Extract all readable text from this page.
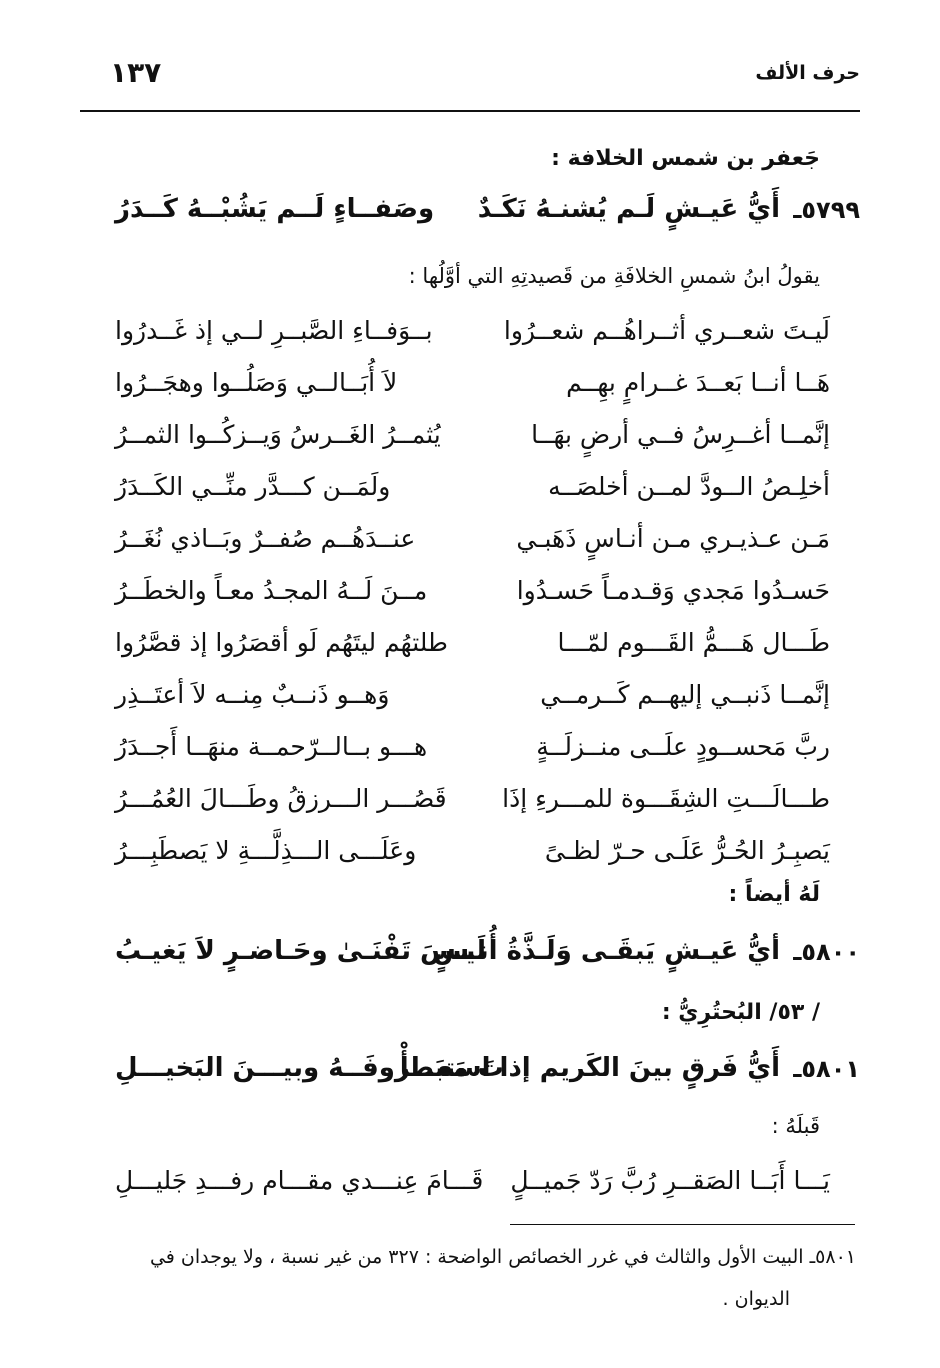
حرف الألف
١٣٧
جَعفر بن شمس الخلافة :
٥٧٩٩ـ
أَيُّ عَيـشٍ لَـم يُشنـهُ نَكَـدٌ
وصَفــاءٍ لَــم يَشُبْــهُ كَــدَرُ
يقولُ ابنُ شمسِ الخلافَةِ من قَصيدتِهِ التي أوَّلُها :
لَيـتَ شعــري أثــراهُــم شعــرُوا
بــوَفــاءِ الصَّبــرِ لــي إذ غَــدرُوا
هَــا أنــا بَعــدَ غــرامٍ بهِــم
لاَ أُبَــالــي وَصَلُــوا وهجَــرُوا
إنَّمــا أغــرِسُ فــي أرضٍ بهَــا
يُثمــرُ الغَــرسُ وَيــزكُــوا الثمــرُ
أخلِـصُ الــودَّ لمــن أخلصَــه
ولَمَــن كـــدَّر منِّــي الكَــدَرُ
مَـن عـذيـري مـن أنـاسٍ ذَهَبـي
عنــدَهُــم صُفــرٌ وبَــاذي نُغَــرُ
حَسـدُوا مَجدي وَقـدمـاً حَسـدُوا
مــنَ لَــهُ المجـدُ معـاً والخطَــرُ
طَـــال هَـــمُّ القَـــوم لمّـــا
طلتهُم ليتَهُم لَو أقصَرُوا إذ قصَّرُوا
إنَّمــا ذَنبــي إليهــم كَــرمــي
وَهــو ذَنــبٌ مِنــه لاَ أعتَــذِر
ربَّ مَحســودٍ علَــى منــزلَــةٍ
هـــو بــالــرّحمــة منهَــا أَجــدَرُ
طـــالَـــتِ الشِقَـــوة للمـــرءِ إذَا
قَصُـــر الـــرزقُ وطَـــالَ العُمُـــرُ
يَصبِـرُ الحُـرُّ عَلَـى حـرّ لظـىً
وعَلَـــى الـــذِلَّـــةِ لا يَصطَبِـــرُ
لَهُ أيضاً :
٥٨٠٠ـ
أيُّ عَيـشٍ يَبقَـى وَلَـذَّةُ أُنـسٍ
لَيـسَ تَفْنَـىٰ وحَـاضـرٍ لاَ يَغيـبُ
/ ٥٣/ البُحتُرِيُّ :
٥٨٠١ـ
أَيُّ فَرقٍ بينَ الكَريم إذا استبَطأْ
تَ مَعـــروفَــهُ وبيـــنَ البَخيـــلِ
قَبلَهُ :
يَـــا أَبَــا الصَقــرِ رُبَّ رَدّ جَميــلٍ
قَـــامَ عِنـــدي مقـــام رفـــدِ جَليـــلِ
٥٨٠١ـ البيت الأول والثالث في غرر الخصائص الواضحة : ٣٢٧ من غير نسبة ، ولا يوجدان في
الديوان .
